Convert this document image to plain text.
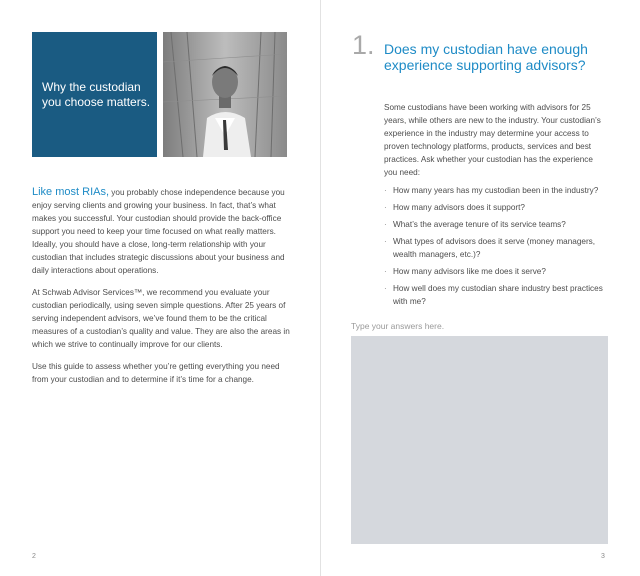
Why the custodian you choose matters.

Like most RIAs, you probably chose independence because you enjoy serving clients and growing your business. In fact, that’s what makes you successful. Your custodian should provide the back-office support you need to keep your time focused on what really matters. Ideally, you should have a close, long-term relationship with your custodian that includes strategic discussions about your business and daily interactions about operations.

At Schwab Advisor Services™, we recommend you evaluate your custodian periodically, using seven simple questions. After 25 years of serving independent advisors, we’ve found them to be the critical measures of a custodian’s quality and value. They are also the areas in which we strive to continually improve for our clients.

Use this guide to assess whether you’re getting everything you need from your custodian and to determine if it’s time for a change.

2
1. Does my custodian have enough experience supporting advisors?

Some custodians have been working with advisors for 25 years, while others are new to the industry. Your custodian’s experience in the industry may determine your access to proven technology platforms, products, services and best practices. Ask whether your custodian has the experience you need:

· How many years has my custodian been in the industry?
· How many advisors does it support?
· What’s the average tenure of its service teams?
· What types of advisors does it serve (money managers, wealth managers, etc.)?
· How many advisors like me does it serve?
· How well does my custodian share industry best practices with me?
Type your answers here.
3
